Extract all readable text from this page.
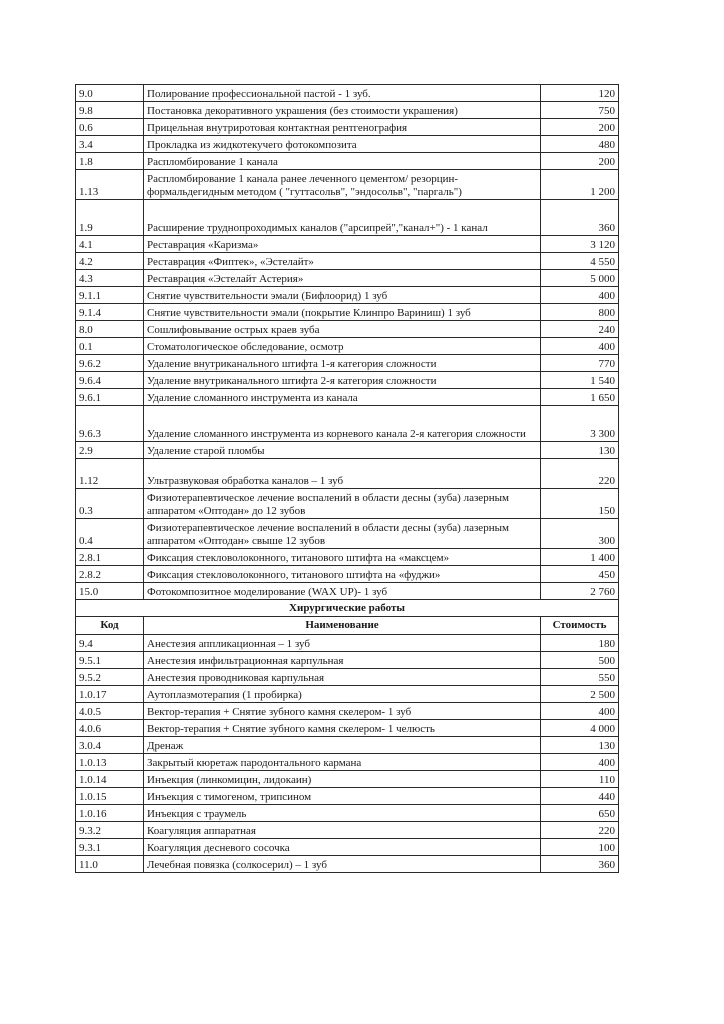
9.0	Полирование профессиональной пастой - 1 зуб.	120
9.8	Постановка декоративного украшения (без стоимости украшения)	750
0.6	Прицельная внутриротовая контактная рентгенография	200
3.4	Прокладка из жидкотекучего фотокомпозита	480
1.8	Распломбирование 1 канала	200
1.13	Распломбирование 1 канала ранее леченного цементом/ резорцин-формальдегидным методом ( "гуттасольв", "эндосольв", "паргаль")	1 200
1.9	Расширение труднопроходимых каналов ("арсипрей","канал+") - 1 канал	360
4.1	Реставрация «Каризма»	3 120
4.2	Реставрация «Фиптек», «Эстелайт»	4 550
4.3	Реставрация «Эстелайт Астерия»	5 000
9.1.1	Снятие чувствительности эмали (Бифлоорид) 1 зуб	400
9.1.4	Снятие чувствительности эмали (покрытие Клинпро Вариниш) 1 зуб	800
8.0	Сошлифовывание острых краев зуба	240
0.1	Стоматологическое обследование, осмотр	400
9.6.2	Удаление внутриканального штифта 1-я категория сложности	770
9.6.4	Удаление внутриканального штифта 2-я категория сложности	1 540
9.6.1	Удаление сломанного инструмента из канала	1 650
9.6.3	Удаление сломанного инструмента из корневого канала 2-я категория сложности	3 300
2.9	Удаление старой пломбы	130
1.12	Ультразвуковая обработка каналов – 1 зуб	220
0.3	Физиотерапевтическое лечение воспалений в области десны (зуба) лазерным аппаратом «Оптодан» до 12 зубов	150
0.4	Физиотерапевтическое лечение воспалений в области десны (зуба) лазерным аппаратом «Оптодан» свыше 12 зубов	300
2.8.1	Фиксация стекловолоконного, титанового штифта на «максцем»	1 400
2.8.2	Фиксация стекловолоконного, титанового штифта на «фуджи»	450
15.0	Фотокомпозитное моделирование (WAX UP)- 1 зуб	2 760
Хирургические работы		
Код	Наименование	Стоимость
9.4	Анестезия аппликационная – 1 зуб	180
9.5.1	Анестезия инфильтрационная карпульная	500
9.5.2	Анестезия проводниковая карпульная	550
1.0.17	Аутоплазмотерапия (1 пробирка)	2 500
4.0.5	Вектор-терапия + Снятие зубного камня скелером- 1 зуб	400
4.0.6	Вектор-терапия + Снятие зубного камня скелером- 1 челюсть	4 000
3.0.4	Дренаж	130
1.0.13	Закрытый кюретаж пародонтального кармана	400
1.0.14	Инъекция (линкомицин, лидокаин)	110
1.0.15	Инъекция с тимогеном, трипсином	440
1.0.16	Инъекция с траумель	650
9.3.2	Коагуляция аппаратная	220
9.3.1	Коагуляция десневого сосочка	100
11.0	Лечебная повязка (солкосерил) – 1 зуб	360
